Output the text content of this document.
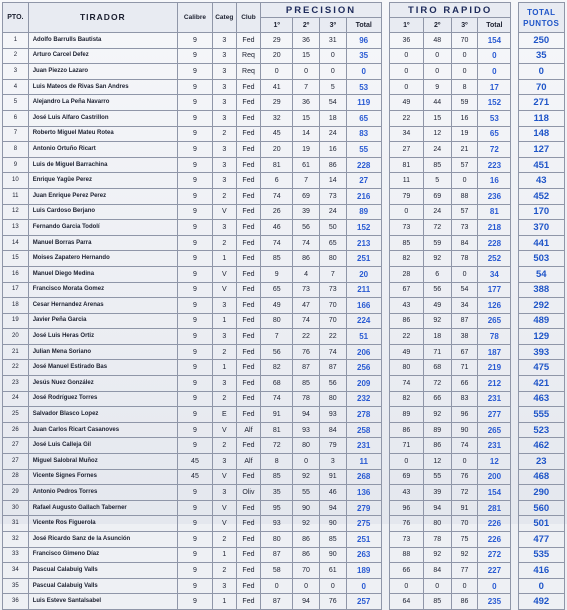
PTO.	TIRADOR	Calibre	Categ	Club	PRECISION					TIRO RAPIDO					TOTAL PUNTOS
					1º	2º	3º	Total		1º	2º	3º	Total		
1	Adolfo Barrulls Bautista	9	3	Fed	29	36	31	96		36	48	70	154		250
2	Arturo Carcel Defez	9	3	Req	20	15	0	35		0	0	0	0		35
3	Juan Piezzo Lazaro	9	3	Req	0	0	0	0		0	0	0	0		0
4	Luis Mateos de Rivas San Andres	9	3	Fed	41	7	5	53		0	9	8	17		70
5	Alejandro La Peña Navarro	9	3	Fed	29	36	54	119		49	44	59	152		271
6	José Luis Alfaro Castrillon	9	3	Fed	32	15	18	65		22	15	16	53		118
7	Roberto Miguel Mateu Rotea	9	2	Fed	45	14	24	83		34	12	19	65		148
8	Antonio Ortuño Ricart	9	3	Fed	20	19	16	55		27	24	21	72		127
9	Luis de Miguel Barrachina	9	3	Fed	81	61	86	228		81	85	57	223		451
10	Enrique Yagüe Perez	9	3	Fed	6	7	14	27		11	5	0	16		43
11	Juan Enrique Perez Perez	9	2	Fed	74	69	73	216		79	69	88	236		452
12	Luis Cardoso Berjano	9	V	Fed	26	39	24	89		0	24	57	81		170
13	Fernando Garcia Todolí	9	3	Fed	46	56	50	152		73	72	73	218		370
14	Manuel Borras Parra	9	2	Fed	74	74	65	213		85	59	84	228		441
15	Moises Zapatero Hernando	9	1	Fed	85	86	80	251		82	92	78	252		503
16	Manuel Diego Medina	9	V	Fed	9	4	7	20		28	6	0	34		54
17	Francisco Morata Gomez	9	V	Fed	65	73	73	211		67	56	54	177		388
18	Cesar Hernandez Arenas	9	3	Fed	49	47	70	166		43	49	34	126		292
19	Javier Peña Garcia	9	1	Fed	80	74	70	224		86	92	87	265		489
20	José Luis Heras Ortiz	9	3	Fed	7	22	22	51		22	18	38	78		129
21	Julian Mena Soriano	9	2	Fed	56	76	74	206		49	71	67	187		393
22	José Manuel Estirado Bas	9	1	Fed	82	87	87	256		80	68	71	219		475
23	Jesús Nuez González	9	3	Fed	68	85	56	209		74	72	66	212		421
24	José Rodríguez Torres	9	2	Fed	74	78	80	232		82	66	83	231		463
25	Salvador Blasco Lopez	9	E	Fed	91	94	93	278		89	92	96	277		555
26	Juan Carlos Ricart Casanoves	9	V	Alf	81	93	84	258		86	89	90	265		523
27	José Luis Calleja Gil	9	2	Fed	72	80	79	231		71	86	74	231		462
27	Miguel Salobral Muñoz	45	3	Alf	8	0	3	11		0	12	0	12		23
28	Vicente Signes Fornes	45	V	Fed	85	92	91	268		69	55	76	200		468
29	Antonio Pedros Torres	9	3	Oliv	35	55	46	136		43	39	72	154		290
30	Rafael Augusto Gallach Taberner	9	V	Fed	95	90	94	279		96	94	91	281		560
31	Vicente Ros Figuerola	9	V	Fed	93	92	90	275		76	80	70	226		501
32	José Ricardo Sanz de la Asunción	9	2	Fed	80	86	85	251		73	78	75	226		477
33	Francisco Gimeno Díaz	9	1	Fed	87	86	90	263		88	92	92	272		535
34	Pascual Calabuig Valls	9	2	Fed	58	70	61	189		66	84	77	227		416
35	Pascual Calabuig Valls	9	3	Fed	0	0	0	0		0	0	0	0		0
36	Luis Esteve Santalsabel	9	1	Fed	87	94	76	257		64	85	86	235		492
